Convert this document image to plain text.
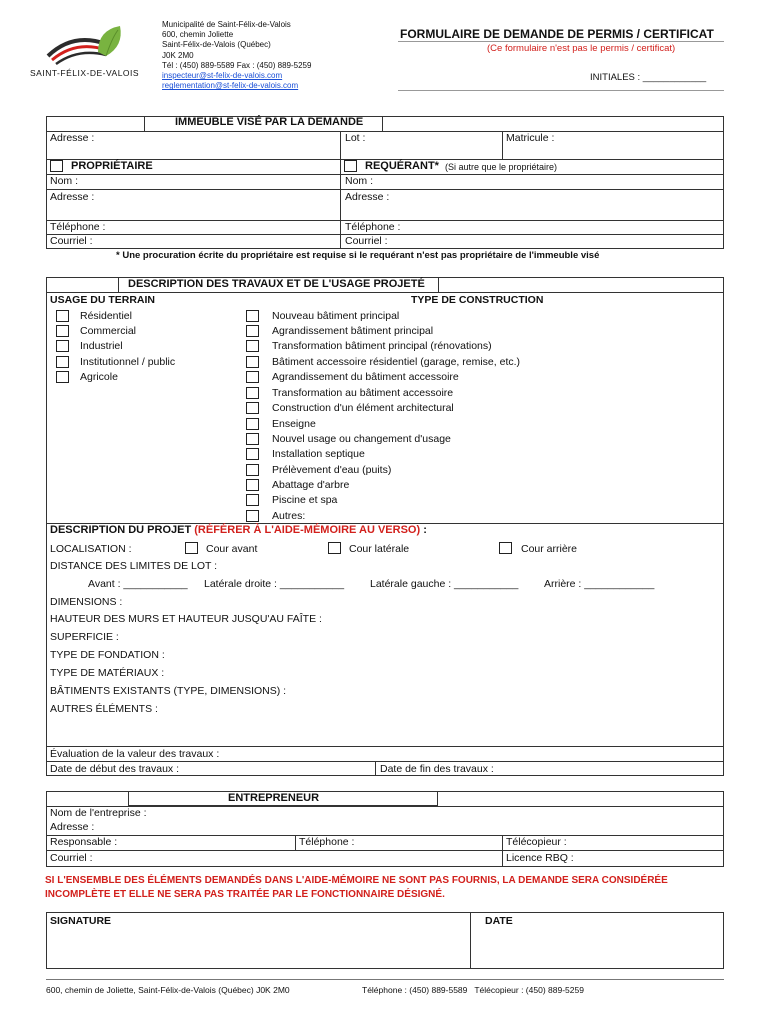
SAINT-FÉLIX-DE-VALOIS
Municipalité de Saint-Félix-de-Valois
600, chemin Joliette
Saint-Félix-de-Valois (Québec)
J0K 2M0
Tél : (450) 889-5589 Fax : (450) 889-5259
inspecteur@st-felix-de-valois.com
reglementation@st-felix-de-valois.com
FORMULAIRE DE DEMANDE DE PERMIS / CERTIFICAT
(Ce formulaire n'est pas le permis / certificat)
INITIALES : ____________
IMMEUBLE VISÉ PAR LA DEMANDE
Adresse :	Lot :	Matricule :
PROPRIÉTAIRE	REQUÉRANT* (Si autre que le propriétaire)
Nom :	Nom :
Adresse :	Adresse :
Téléphone :	Téléphone :
Courriel :	Courriel :
* Une procuration écrite du propriétaire est requise si le requérant n'est pas propriétaire de l'immeuble visé
DESCRIPTION DES TRAVAUX ET DE L'USAGE PROJETÉ
USAGE DU TERRAIN	TYPE DE CONSTRUCTION
Résidentiel
Commercial
Industriel
Institutionnel / public
Agricole
Nouveau bâtiment principal
Agrandissement bâtiment principal
Transformation bâtiment principal (rénovations)
Bâtiment accessoire résidentiel (garage, remise, etc.)
Agrandissement du bâtiment accessoire
Transformation au bâtiment accessoire
Construction d'un élément architectural
Enseigne
Nouvel usage ou changement d'usage
Installation septique
Prélèvement d'eau (puits)
Abattage d'arbre
Piscine et spa
Autres:
DESCRIPTION DU PROJET (RÉFÉRER À L'AIDE-MÉMOIRE AU VERSO) :
LOCALISATION :	Cour avant	Cour latérale	Cour arrière
DISTANCE DES LIMITES DE LOT :
Avant : ___________ Latérale droite : ___________ Latérale gauche : ___________ Arrière : ____________
DIMENSIONS :
HAUTEUR DES MURS ET HAUTEUR JUSQU'AU FAÎTE :
SUPERFICIE :
TYPE DE FONDATION :
TYPE DE MATÉRIAUX :
BÂTIMENTS EXISTANTS (TYPE, DIMENSIONS) :
AUTRES ÉLÉMENTS :
Évaluation de la valeur des travaux :
Date de début des travaux :	Date de fin des travaux :
ENTREPRENEUR
Nom de l'entreprise :
Adresse :
Responsable :	Téléphone :	Télécopieur :
Courriel :	Licence RBQ :
SI L'ENSEMBLE DES ÉLÉMENTS DEMANDÉS DANS L'AIDE-MÉMOIRE NE SONT PAS FOURNIS, LA DEMANDE SERA CONSIDÉRÉE
INCOMPLÈTE ET ELLE NE SERA PAS TRAITÉE PAR LE FONCTIONNAIRE DÉSIGNÉ.
SIGNATURE	DATE
600, chemin de Joliette, Saint-Félix-de-Valois (Québec) J0K 2M0	Téléphone : (450) 889-5589   Télécopieur : (450) 889-5259
